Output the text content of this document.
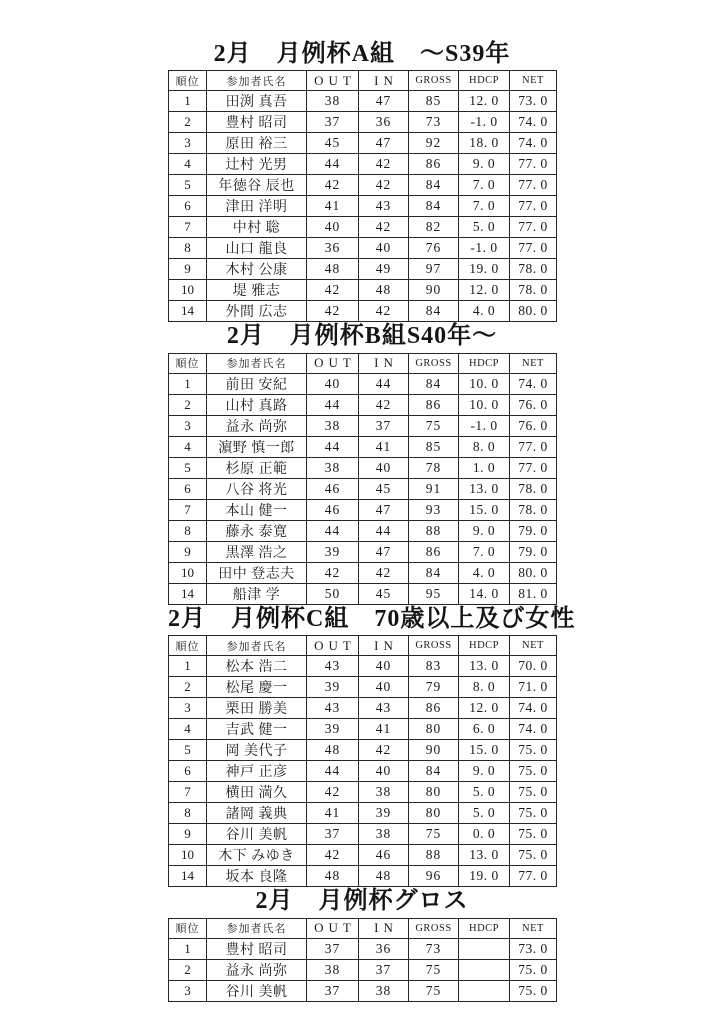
2月　月例杯A組　～S39年
順位	参加者氏名	OUT	IN	GROSS	HDCP	NET
1	田渕 真吾	38	47	85	12. 0	73. 0
2	豊村 昭司	37	36	73	-1. 0	74. 0
3	原田 裕三	45	47	92	18. 0	74. 0
4	辻村 光男	44	42	86	9. 0	77. 0
5	年徳谷 辰也	42	42	84	7. 0	77. 0
6	津田 洋明	41	43	84	7. 0	77. 0
7	中村 聡	40	42	82	5. 0	77. 0
8	山口 龍良	36	40	76	-1. 0	77. 0
9	木村 公康	48	49	97	19. 0	78. 0
10	堤 雅志	42	48	90	12. 0	78. 0
14	外間 広志	42	42	84	4. 0	80. 0
2月　月例杯B組S40年～
順位	参加者氏名	OUT	IN	GROSS	HDCP	NET
1	前田 安紀	40	44	84	10. 0	74. 0
2	山村 真路	44	42	86	10. 0	76. 0
3	益永 尚弥	38	37	75	-1. 0	76. 0
4	濵野 慎一郎	44	41	85	8. 0	77. 0
5	杉原 正範	38	40	78	1. 0	77. 0
6	八谷 将光	46	45	91	13. 0	78. 0
7	本山 健一	46	47	93	15. 0	78. 0
8	藤永 泰寛	44	44	88	9. 0	79. 0
9	黒澤 浩之	39	47	86	7. 0	79. 0
10	田中 登志夫	42	42	84	4. 0	80. 0
14	船津 学	50	45	95	14. 0	81. 0
2月　月例杯C組　70歳以上及び女性
順位	参加者氏名	OUT	IN	GROSS	HDCP	NET
1	松本 浩二	43	40	83	13. 0	70. 0
2	松尾 慶一	39	40	79	8. 0	71. 0
3	栗田 勝美	43	43	86	12. 0	74. 0
4	吉武 健一	39	41	80	6. 0	74. 0
5	岡 美代子	48	42	90	15. 0	75. 0
6	神戸 正彦	44	40	84	9. 0	75. 0
7	横田 満久	42	38	80	5. 0	75. 0
8	諸岡 義典	41	39	80	5. 0	75. 0
9	谷川 美帆	37	38	75	0. 0	75. 0
10	木下 みゆき	42	46	88	13. 0	75. 0
14	坂本 良隆	48	48	96	19. 0	77. 0
2月　月例杯グロス
順位	参加者氏名	OUT	IN	GROSS	HDCP	NET
1	豊村 昭司	37	36	73		73. 0
2	益永 尚弥	38	37	75		75. 0
3	谷川 美帆	37	38	75		75. 0
